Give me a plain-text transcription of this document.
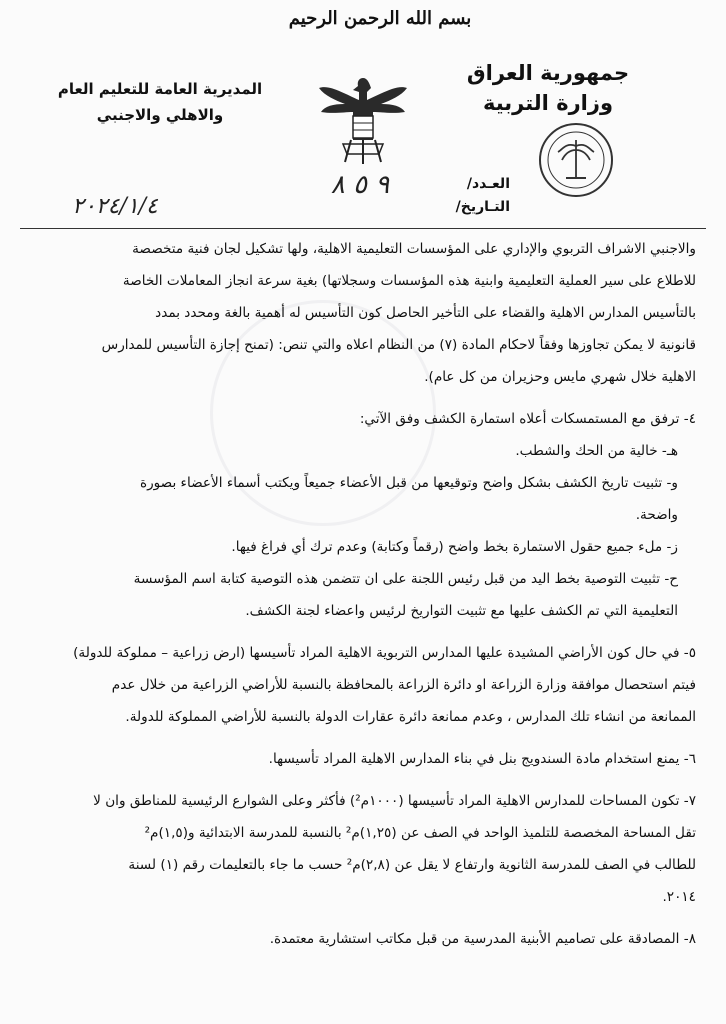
بسم الله الرحمن الرحيم
جمهورية العراق
وزارة التربية
المديرية العامة للتعليم العام
والاهلي والاجنبي
العـدد/
٩ ٥ ٨
التـاريخ/
٢٠٢٤/١/٤

والاجنبي الاشراف التربوي والإداري على المؤسسات التعليمية الاهلية، ولها تشكيل لجان فنية متخصصة

للاطلاع على سير العملية التعليمية وابنية هذه المؤسسات وسجلاتها) بغية سرعة انجاز المعاملات الخاصة

بالتأسيس المدارس الاهلية والقضاء على التأخير الحاصل كون التأسيس له أهمية بالغة ومحدد بمدد

قانونية لا يمكن تجاوزها وفقاً لاحكام المادة (٧) من النظام اعلاه والتي تنص: (تمنح إجازة التأسيس للمدارس

الاهلية خلال شهري مايس وحزيران من كل عام).

٤- ترفق مع المستمسكات أعلاه استمارة الكشف وفق الآتي:

هـ- خالية من الحك والشطب.

و- تثبيت تاريخ الكشف بشكل واضح وتوقيعها من قبل الأعضاء جميعاً ويكتب أسماء الأعضاء بصورة

واضحة.

ز- ملء جميع حقول الاستمارة بخط واضح (رقماً وكتابة) وعدم ترك أي فراغ فيها.

ح- تثبيت التوصية بخط اليد من قبل رئيس اللجنة على ان تتضمن هذه التوصية كتابة اسم المؤسسة

التعليمية التي تم الكشف عليها مع تثبيت التواريخ لرئيس واعضاء لجنة الكشف.

٥- في حال كون الأراضي المشيدة عليها المدارس التربوية الاهلية المراد تأسيسها (ارض زراعية – مملوكة للدولة)

فيتم استحصال موافقة وزارة الزراعة او دائرة الزراعة بالمحافظة بالنسبة للأراضي الزراعية من خلال عدم

الممانعة من انشاء تلك المدارس ، وعدم ممانعة دائرة عقارات الدولة بالنسبة للأراضي المملوكة للدولة.

٦- يمنع استخدام مادة السندويج بنل في بناء المدارس الاهلية المراد تأسيسها.

٧- تكون المساحات للمدارس الاهلية المراد تأسيسها (١٠٠٠م²) فأكثر وعلى الشوارع الرئيسية للمناطق وان لا

تقل المساحة المخصصة للتلميذ الواحد في الصف عن (١,٢٥)م² بالنسبة للمدرسة الابتدائية و(١,٥)م²

للطالب في الصف للمدرسة الثانوية وارتفاع لا يقل عن (٢,٨)م² حسب ما جاء بالتعليمات رقم (١) لسنة

٢٠١٤.

٨- المصادقة على تصاميم الأبنية المدرسية من قبل مكاتب استشارية معتمدة.
